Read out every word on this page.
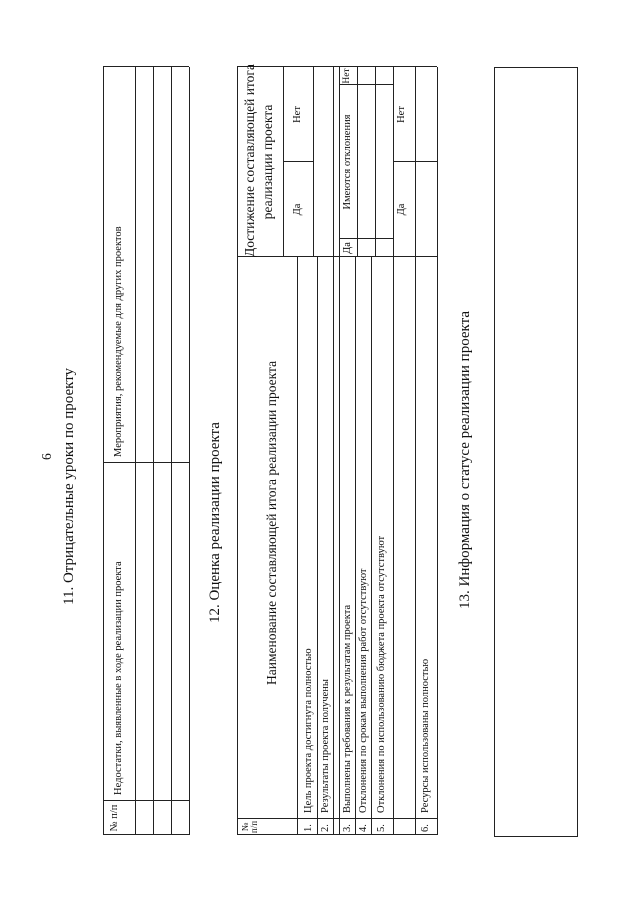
6 11. Отрицательные уроки по проекту
№ п/п
Недостатки, выявленные в ходе реализации проекта
Мероприятия, рекомендуемые для других проектов
12. Оценка реализации проекта
№ п/п
Наименование составляющей итога реализации проекта
Достижение составляющей итога реализации проекта Да
Нет
1.
Цель проекта достигнута полностью
2.
Результаты проекта получены
3.
Выполнены требования к результатам проекта
4.
Отклонения по срокам выполнения работ отсутствуют
5.
Отклонения по использованию бюджета проекта отсутствуют
6.
Ресурсы использованы полностью
Да
Имеются отклонения
Нет
Да
Нет
13. Информация о статусе реализации проекта
